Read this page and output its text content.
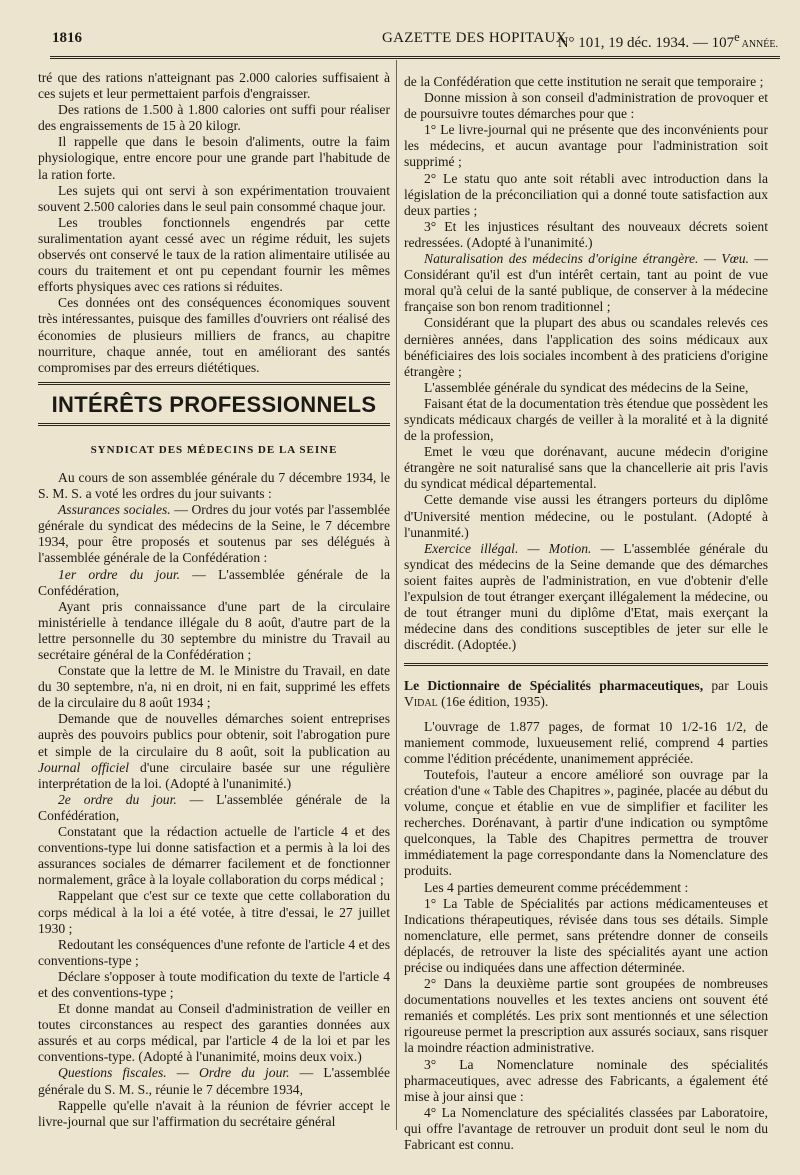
1816	GAZETTE DES HOPITAUX
N° 101, 19 déc. 1934. — 107e ANNÉE.

tré que des rations n'atteignant pas 2.000 calories suffisaient à ces sujets et leur permettaient parfois d'engraisser.

Des rations de 1.500 à 1.800 calories ont suffi pour réaliser des engraissements de 15 à 20 kilogr.

Il rappelle que dans le besoin d'aliments, outre la faim physiologique, entre encore pour une grande part l'habitude de la ration forte.

Les sujets qui ont servi à son expérimentation trouvaient souvent 2.500 calories dans le seul pain consommé chaque jour.

Les troubles fonctionnels engendrés par cette suralimentation ayant cessé avec un régime réduit, les sujets observés ont conservé le taux de la ration alimentaire utilisée au cours du traitement et ont pu cependant fournir les mêmes efforts physiques avec ces rations si réduites.

Ces données ont des conséquences économiques souvent très intéressantes, puisque des familles d'ouvriers ont réalisé des économies de plusieurs milliers de francs, au chapitre nourriture, chaque année, tout en améliorant des santés compromises par des erreurs diététiques.

INTÉRÊTS PROFESSIONNELS
SYNDICAT DES MÉDECINS DE LA SEINE

Au cours de son assemblée générale du 7 décembre 1934, le S. M. S. a voté les ordres du jour suivants :

Assurances sociales. — Ordres du jour votés par l'assemblée générale du syndicat des médecins de la Seine, le 7 décembre 1934, pour être proposés et soutenus par ses délégués à l'assemblée générale de la Confédération :

1er ordre du jour. — L'assemblée générale de la Confédération,

Ayant pris connaissance d'une part de la circulaire ministérielle à tendance illégale du 8 août, d'autre part de la lettre personnelle du 30 septembre du ministre du Travail au secrétaire général de la Confédération ;

Constate que la lettre de M. le Ministre du Travail, en date du 30 septembre, n'a, ni en droit, ni en fait, supprimé les effets de la circulaire du 8 août 1934 ;

Demande que de nouvelles démarches soient entreprises auprès des pouvoirs publics pour obtenir, soit l'abrogation pure et simple de la circulaire du 8 août, soit la publication au Journal officiel d'une circulaire basée sur une régulière interprétation de la loi. (Adopté à l'unanimité.)

2e ordre du jour. — L'assemblée générale de la Confédération,

Constatant que la rédaction actuelle de l'article 4 et des conventions-type lui donne satisfaction et a permis à la loi des assurances sociales de démarrer facilement et de fonctionner normalement, grâce à la loyale collaboration du corps médical ;

Rappelant que c'est sur ce texte que cette collaboration du corps médical à la loi a été votée, à titre d'essai, le 27 juillet 1930 ;

Redoutant les conséquences d'une refonte de l'article 4 et des conventions-type ;

Déclare s'opposer à toute modification du texte de l'article 4 et des conventions-type ;

Et donne mandat au Conseil d'administration de veiller en toutes circonstances au respect des garanties données aux assurés et au corps médical, par l'article 4 de la loi et par les conventions-type. (Adopté à l'unanimité, moins deux voix.)

Questions fiscales. — Ordre du jour. — L'assemblée générale du S. M. S., réunie le 7 décembre 1934,

Rappelle qu'elle n'avait à la réunion de février accept le livre-journal que sur l'affirmation du secrétaire général

de la Confédération que cette institution ne serait que temporaire ;

Donne mission à son conseil d'administration de provoquer et de poursuivre toutes démarches pour que :

1° Le livre-journal qui ne présente que des inconvénients pour les médecins, et aucun avantage pour l'administration soit supprimé ;

2° Le statu quo ante soit rétabli avec introduction dans la législation de la préconciliation qui a donné toute satisfaction aux deux parties ;

3° Et les injustices résultant des nouveaux décrets soient redressées. (Adopté à l'unanimité.)

Naturalisation des médecins d'origine étrangère. — Vœu. — Considérant qu'il est d'un intérêt certain, tant au point de vue moral qu'à celui de la santé publique, de conserver à la médecine française son bon renom traditionnel ;

Considérant que la plupart des abus ou scandales relevés ces dernières années, dans l'application des soins médicaux aux bénéficiaires des lois sociales incombent à des praticiens d'origine étrangère ;

L'assemblée générale du syndicat des médecins de la Seine,

Faisant état de la documentation très étendue que possèdent les syndicats médicaux chargés de veiller à la moralité et à la dignité de la profession,

Emet le vœu que dorénavant, aucune médecin d'origine étrangère ne soit naturalisé sans que la chancellerie ait pris l'avis du syndicat médical départemental.

Cette demande vise aussi les étrangers porteurs du diplôme d'Université mention médecine, ou le postulant. (Adopté à l'unanmité.)

Exercice illégal. — Motion. — L'assemblée générale du syndicat des médecins de la Seine demande que des démarches soient faites auprès de l'administration, en vue d'obtenir d'elle l'expulsion de tout étranger exerçant illégalement la médecine, ou de tout étranger muni du diplôme d'Etat, mais exerçant la médecine dans des conditions susceptibles de jeter sur elle le discrédit. (Adoptée.)

Le Dictionnaire de Spécialités pharmaceutiques, par Louis Vidal (16e édition, 1935).

L'ouvrage de 1.877 pages, de format 10 1/2-16 1/2, de maniement commode, luxueusement relié, comprend 4 parties comme l'édition précédente, unanimement appréciée.

Toutefois, l'auteur a encore amélioré son ouvrage par la création d'une « Table des Chapitres », paginée, placée au début du volume, conçue et établie en vue de simplifier et faciliter les recherches. Dorénavant, à partir d'une indication ou symptôme quelconques, la Table des Chapitres permettra de trouver immédiatement la page correspondante dans la Nomenclature des produits.

Les 4 parties demeurent comme précédemment :

1° La Table de Spécialités par actions médicamenteuses et Indications thérapeutiques, révisée dans tous ses détails. Simple nomenclature, elle permet, sans prétendre donner de conseils déplacés, de retrouver la liste des spécialités ayant une action précise ou indiquées dans une affection déterminée.

2° Dans la deuxième partie sont groupées de nombreuses documentations nouvelles et les textes anciens ont souvent été remaniés et complétés. Les prix sont mentionnés et une sélection rigoureuse permet la prescription aux assurés sociaux, sans risquer la moindre réaction administrative.

3° La Nomenclature nominale des spécialités pharmaceutiques, avec adresse des Fabricants, a également été mise à jour ainsi que :

4° La Nomenclature des spécialités classées par Laboratoire, qui offre l'avantage de retrouver un produit dont seul le nom du Fabricant est connu.
